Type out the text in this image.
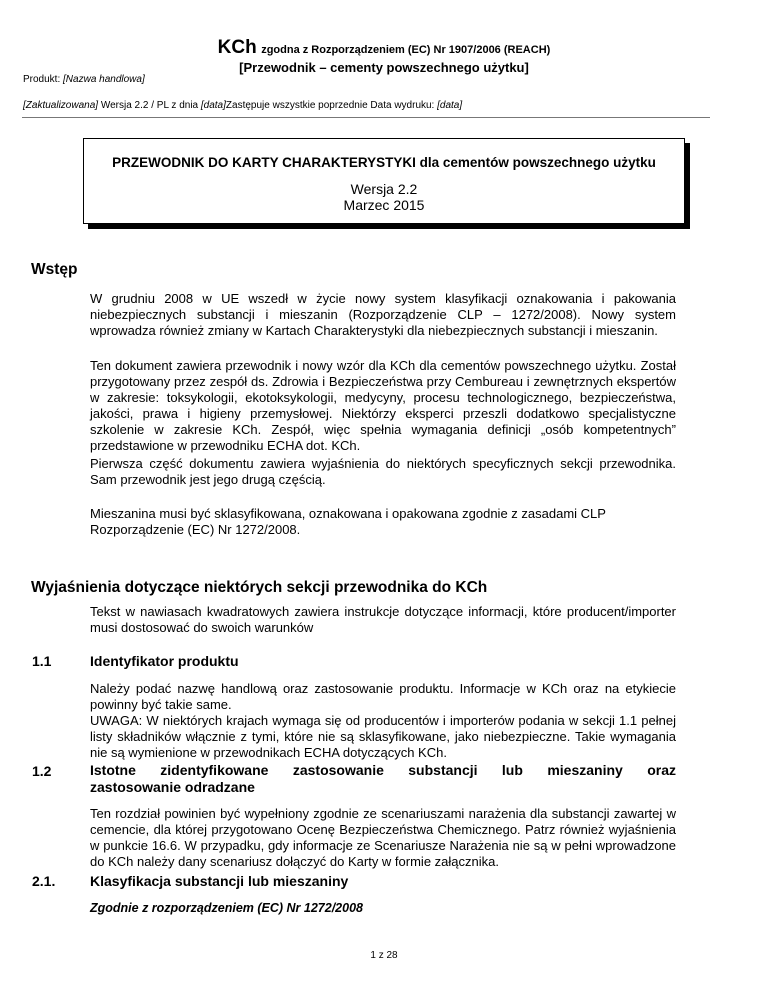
KCh zgodna z Rozporządzeniem (EC) Nr 1907/2006 (REACH)
[Przewodnik – cementy powszechnego użytku]
Produkt: [Nazwa handlowa]
[Zaktualizowana] Wersja 2.2 / PL z dnia [data]Zastępuje wszystkie poprzednie Data wydruku: [data]
PRZEWODNIK DO KARTY CHARAKTERYSTYKI dla cementów powszechnego użytku
Wersja 2.2
Marzec 2015
Wstęp
W grudniu 2008 w UE wszedł w życie nowy system klasyfikacji oznakowania i pakowania niebezpiecznych substancji i mieszanin (Rozporządzenie CLP – 1272/2008). Nowy system wprowadza również zmiany w Kartach Charakterystyki dla niebezpiecznych substancji i mieszanin.
Ten dokument zawiera przewodnik i nowy wzór dla KCh dla cementów powszechnego użytku. Został przygotowany przez zespół ds. Zdrowia i Bezpieczeństwa przy Cembureau i zewnętrznych ekspertów w zakresie: toksykologii, ekotoksykologii, medycyny, procesu technologicznego, bezpieczeństwa, jakości, prawa i higieny przemysłowej. Niektórzy eksperci przeszli dodatkowo specjalistyczne szkolenie w zakresie KCh. Zespół, więc spełnia wymagania definicji „osób kompetentnych” przedstawione w przewodniku ECHA dot. KCh.
Pierwsza część dokumentu zawiera wyjaśnienia do niektórych specyficznych sekcji przewodnika. Sam przewodnik jest jego drugą częścią.
Mieszanina musi być sklasyfikowana, oznakowana i opakowana zgodnie z zasadami CLP Rozporządzenie (EC) Nr 1272/2008.
Wyjaśnienia dotyczące niektórych sekcji przewodnika do KCh
Tekst w nawiasach kwadratowych zawiera instrukcje dotyczące informacji, które producent/importer musi dostosować do swoich warunków
1.1	Identyfikator produktu
Należy podać nazwę handlową oraz zastosowanie produktu. Informacje w KCh oraz na etykiecie powinny być takie same.
UWAGA: W niektórych krajach wymaga się od producentów i importerów podania w sekcji 1.1 pełnej listy składników włącznie z tymi, które nie są sklasyfikowane, jako niebezpieczne. Takie wymagania nie są wymienione w przewodnikach ECHA dotyczących KCh.
1.2	Istotne zidentyfikowane zastosowanie substancji lub mieszaniny oraz
zastosowanie odradzane
Ten rozdział powinien być wypełniony zgodnie ze scenariuszami narażenia dla substancji zawartej w cemencie, dla której przygotowano Ocenę Bezpieczeństwa Chemicznego. Patrz również wyjaśnienia w punkcie 16.6. W przypadku, gdy informacje ze Scenariusze Narażenia nie są w pełni wprowadzone do KCh należy dany scenariusz dołączyć do Karty w formie załącznika.
2.1. Klasyfikacja substancji lub mieszaniny
Zgodnie z rozporządzeniem (EC) Nr 1272/2008
1 z 28
